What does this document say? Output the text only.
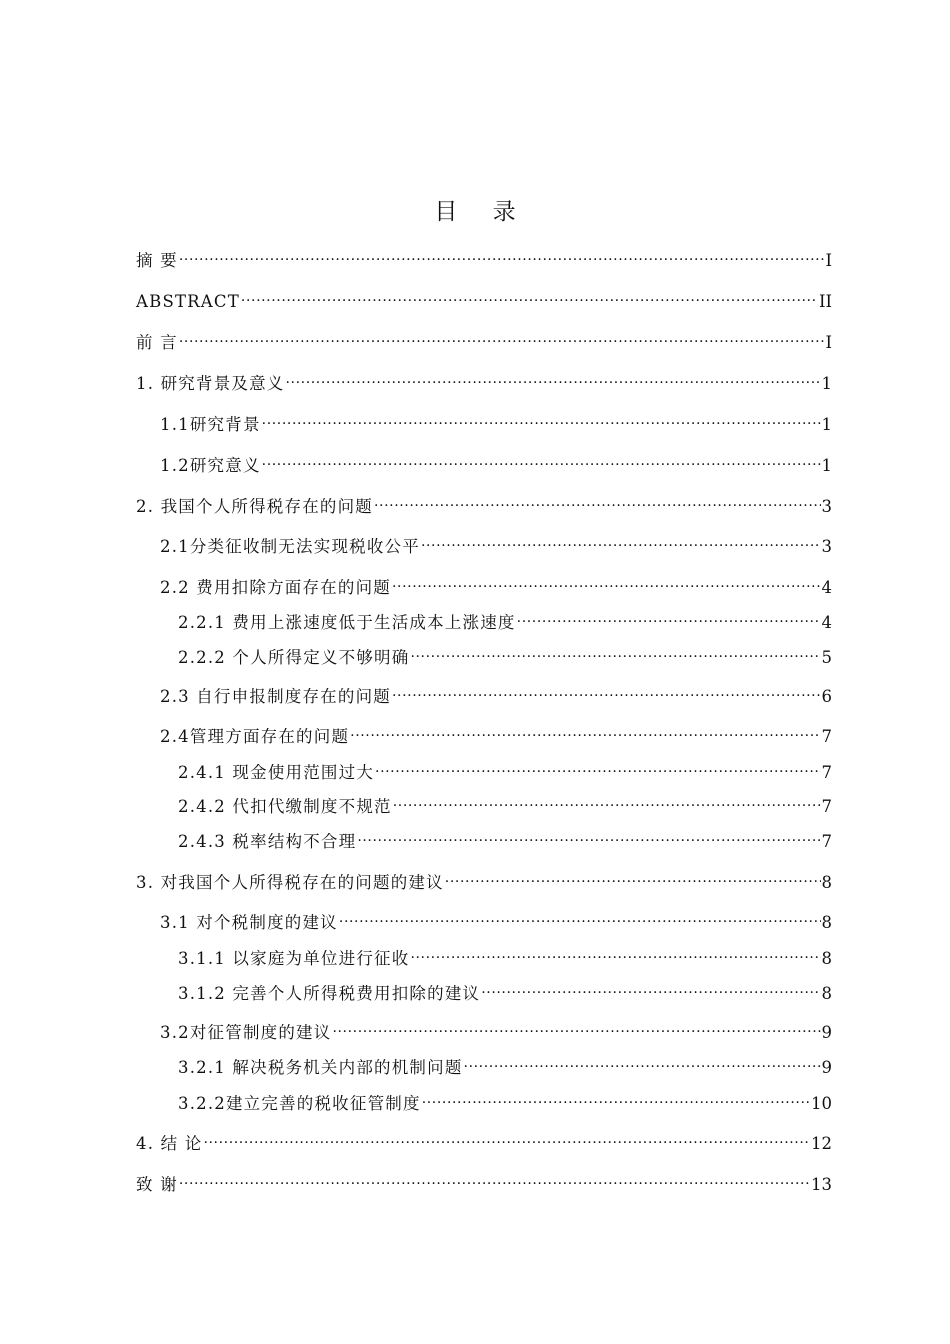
目 录
摘 要 .....	I
ABSTRACT .....	II
前 言 .....	I
1. 研究背景及意义 .....	1
1.1研究背景 .....	1
1.2研究意义 .....	1
2. 我国个人所得税存在的问题 .....	3
2.1分类征收制无法实现税收公平 .....	3
2.2 费用扣除方面存在的问题 .....	4
2.2.1 费用上涨速度低于生活成本上涨速度 .....	4
2.2.2 个人所得定义不够明确 .....	5
2.3 自行申报制度存在的问题 .....	6
2.4管理方面存在的问题 .....	7
2.4.1 现金使用范围过大 .....	7
2.4.2 代扣代缴制度不规范 .....	7
2.4.3 税率结构不合理 .....	7
3. 对我国个人所得税存在的问题的建议 .....	8
3.1 对个税制度的建议 .....	8
3.1.1 以家庭为单位进行征收 .....	8
3.1.2 完善个人所得税费用扣除的建议 .....	8
3.2对征管制度的建议 .....	9
3.2.1 解决税务机关内部的机制问题 .....	9
3.2.2建立完善的税收征管制度 .....	10
4. 结 论 .....	12
致 谢 .....	13
